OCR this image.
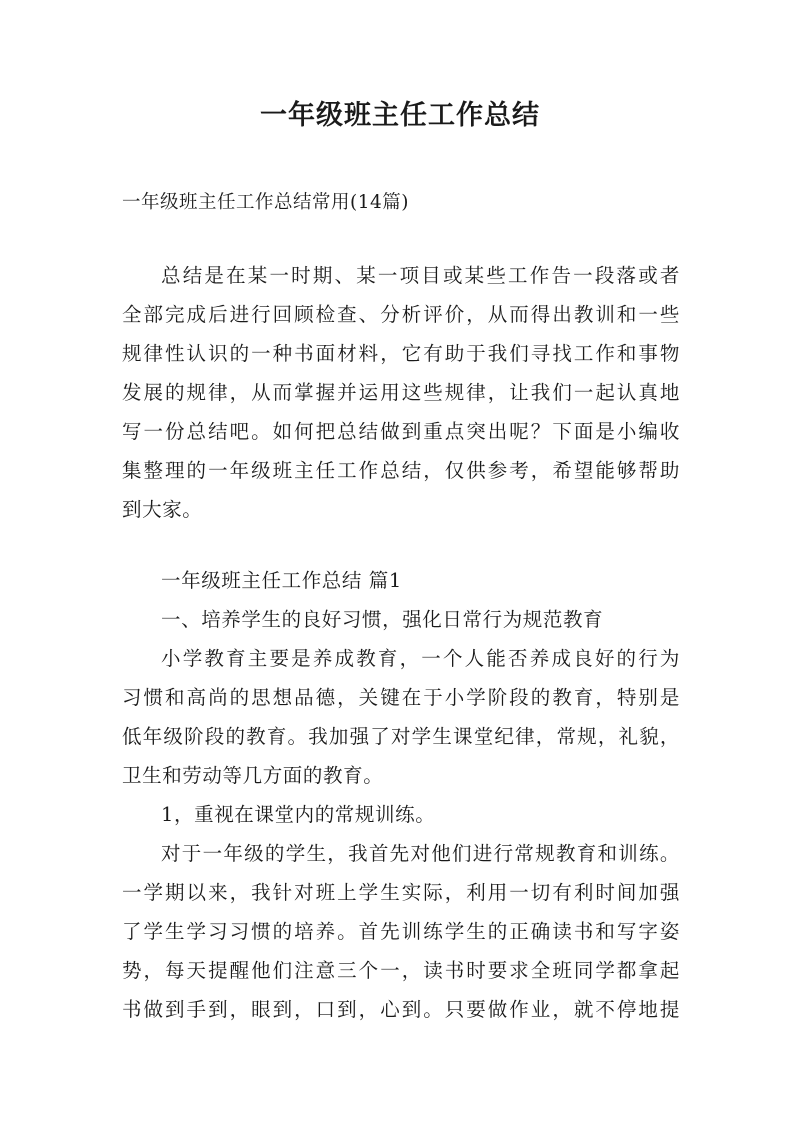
一年级班主任工作总结
一年级班主任工作总结常用(14篇)
总结是在某一时期、某一项目或某些工作告一段落或者
全部完成后进行回顾检查、分析评价，从而得出教训和一些
规律性认识的一种书面材料，它有助于我们寻找工作和事物
发展的规律，从而掌握并运用这些规律，让我们一起认真地
写一份总结吧。如何把总结做到重点突出呢？下面是小编收
集整理的一年级班主任工作总结，仅供参考，希望能够帮助
到大家。
一年级班主任工作总结 篇1
一、培养学生的良好习惯，强化日常行为规范教育
小学教育主要是养成教育，一个人能否养成良好的行为
习惯和高尚的思想品德，关键在于小学阶段的教育，特别是
低年级阶段的教育。我加强了对学生课堂纪律，常规，礼貌，
卫生和劳动等几方面的教育。
1，重视在课堂内的常规训练。
对于一年级的学生，我首先对他们进行常规教育和训练。
一学期以来，我针对班上学生实际，利用一切有利时间加强
了学生学习习惯的培养。首先训练学生的正确读书和写字姿
势，每天提醒他们注意三个一，读书时要求全班同学都拿起
书做到手到，眼到，口到，心到。只要做作业，就不停地提
